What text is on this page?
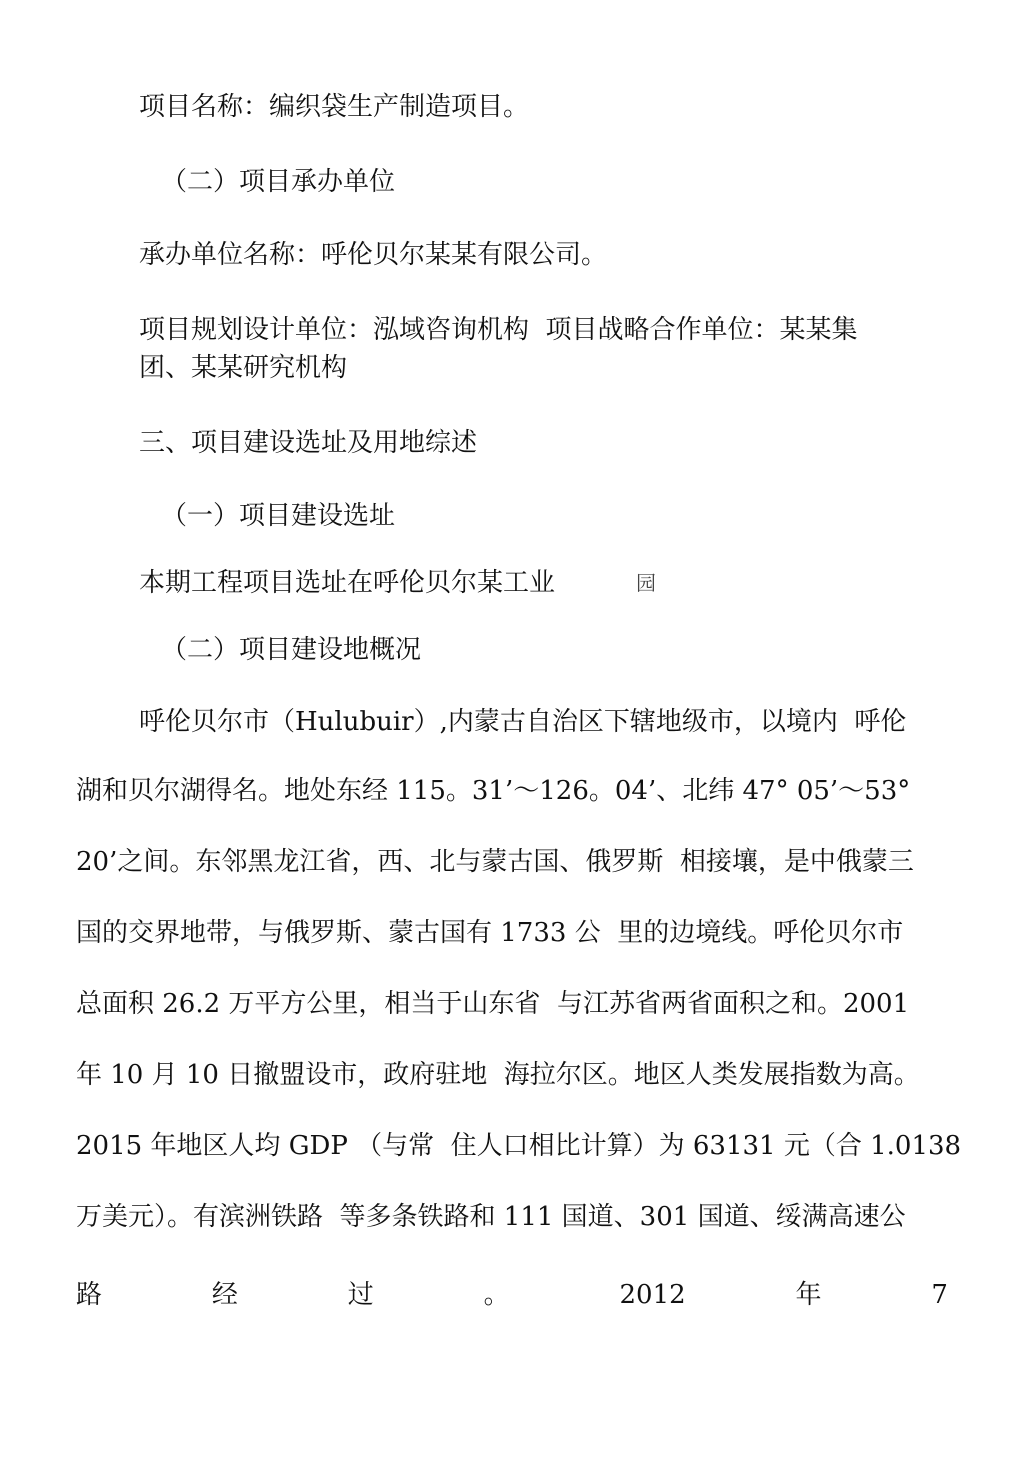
项目名称：编织袋生产制造项目。
（二）项目承办单位
承办单位名称：呼伦贝尔某某有限公司。
项目规划设计单位：泓域咨询机构  项目战略合作单位：某某集
团、某某研究机构
三、项目建设选址及用地综述
（一）项目建设选址
本期工程项目选址在呼伦贝尔某工业	园
（二）项目建设地概况
呼伦贝尔市（Hulubuir）,内蒙古自治区下辖地级市，以境内  呼伦
湖和贝尔湖得名。地处东经 115。31’～126。04’、北纬 47° 05’～53°
20’之间。东邻黑龙江省，西、北与蒙古国、俄罗斯  相接壤，是中俄蒙三
国的交界地带，与俄罗斯、蒙古国有 1733 公  里的边境线。呼伦贝尔市
总面积 26.2 万平方公里，相当于山东省  与江苏省两省面积之和。2001
年 10 月 10 日撤盟设市，政府驻地  海拉尔区。地区人类发展指数为高。
2015 年地区人均 GDP （与常  住人口相比计算）为 63131 元（合 1.0138
万美元）。有滨洲铁路  等多条铁路和 111 国道、301 国道、绥满高速公
路	经	过	。	2012	年	7
